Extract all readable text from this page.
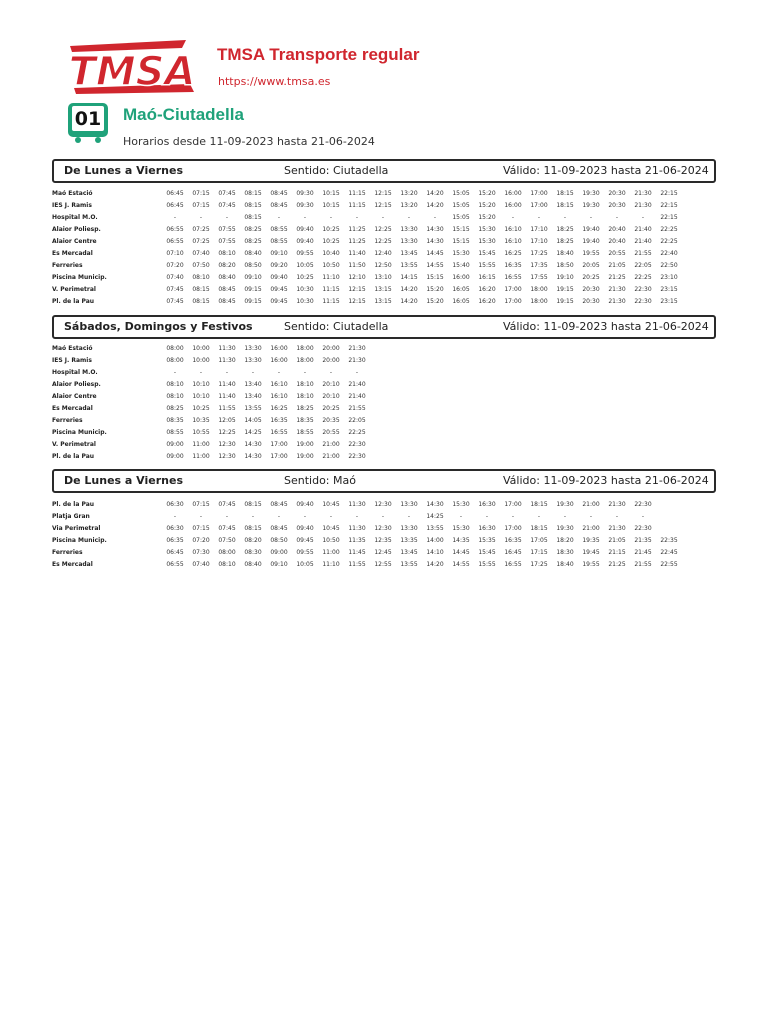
TMSA TMSA Transporte regular
https://www.tmsa.es
01	Maó-Ciutadella
Horarios desde 11-09-2023 hasta 21-06-2024
De Lunes a Viernes	Sentido: Ciutadella	Válido: 11-09-2023 hasta 21-06-2024
Maó Estació		06:45	07:15	07:45	08:15	08:45	09:30	10:15	11:15	12:15	13:20	14:20	15:05	15:20	16:00	17:00	18:15	19:30	20:30	21:30	22:15
IES J. Ramis		06:45	07:15	07:45	08:15	08:45	09:30	10:15	11:15	12:15	13:20	14:20	15:05	15:20	16:00	17:00	18:15	19:30	20:30	21:30	22:15
Hospital M.O.		-	-	-	08:15	-	-	-	-	-	-	-	15:05	15:20	-	-	-	-	-	-	22:15
Alaior Poliesp.		06:55	07:25	07:55	08:25	08:55	09:40	10:25	11:25	12:25	13:30	14:30	15:15	15:30	16:10	17:10	18:25	19:40	20:40	21:40	22:25
Alaior Centre		06:55	07:25	07:55	08:25	08:55	09:40	10:25	11:25	12:25	13:30	14:30	15:15	15:30	16:10	17:10	18:25	19:40	20:40	21:40	22:25
Es Mercadal		07:10	07:40	08:10	08:40	09:10	09:55	10:40	11:40	12:40	13:45	14:45	15:30	15:45	16:25	17:25	18:40	19:55	20:55	21:55	22:40
Ferreries		07:20	07:50	08:20	08:50	09:20	10:05	10:50	11:50	12:50	13:55	14:55	15:40	15:55	16:35	17:35	18:50	20:05	21:05	22:05	22:50
Piscina Municip.		07:40	08:10	08:40	09:10	09:40	10:25	11:10	12:10	13:10	14:15	15:15	16:00	16:15	16:55	17:55	19:10	20:25	21:25	22:25	23:10
V. Perimetral		07:45	08:15	08:45	09:15	09:45	10:30	11:15	12:15	13:15	14:20	15:20	16:05	16:20	17:00	18:00	19:15	20:30	21:30	22:30	23:15
Pl. de la Pau		07:45	08:15	08:45	09:15	09:45	10:30	11:15	12:15	13:15	14:20	15:20	16:05	16:20	17:00	18:00	19:15	20:30	21:30	22:30	23:15
Sábados, Domingos y Festivos	Sentido: Ciutadella	Válido: 11-09-2023 hasta 21-06-2024
Maó Estació		08:00	10:00	11:30	13:30	16:00	18:00	20:00	21:30
IES J. Ramis		08:00	10:00	11:30	13:30	16:00	18:00	20:00	21:30
Hospital M.O.		-	-	-	-	-	-	-	-
Alaior Poliesp.		08:10	10:10	11:40	13:40	16:10	18:10	20:10	21:40
Alaior Centre		08:10	10:10	11:40	13:40	16:10	18:10	20:10	21:40
Es Mercadal		08:25	10:25	11:55	13:55	16:25	18:25	20:25	21:55
Ferreries		08:35	10:35	12:05	14:05	16:35	18:35	20:35	22:05
Piscina Municip.		08:55	10:55	12:25	14:25	16:55	18:55	20:55	22:25
V. Perimetral		09:00	11:00	12:30	14:30	17:00	19:00	21:00	22:30
Pl. de la Pau		09:00	11:00	12:30	14:30	17:00	19:00	21:00	22:30
De Lunes a Viernes	Sentido: Maó	Válido: 11-09-2023 hasta 21-06-2024
Pl. de la Pau		06:30	07:15	07:45	08:15	08:45	09:40	10:45	11:30	12:30	13:30	14:30	15:30	16:30	17:00	18:15	19:30	21:00	21:30	22:30	
Platja Gran		-	-	-	-	-	-	-	-	-	-	14:25	-	-	-	-	-	-	-	-	
Via Perimetral		06:30	07:15	07:45	08:15	08:45	09:40	10:45	11:30	12:30	13:30	13:55	15:30	16:30	17:00	18:15	19:30	21:00	21:30	22:30	
Piscina Municip.		06:35	07:20	07:50	08:20	08:50	09:45	10:50	11:35	12:35	13:35	14:00	14:35	15:35	16:35	17:05	18:20	19:35	21:05	21:35	22:35
Ferreries		06:45	07:30	08:00	08:30	09:00	09:55	11:00	11:45	12:45	13:45	14:10	14:45	15:45	16:45	17:15	18:30	19:45	21:15	21:45	22:45
Es Mercadal		06:55	07:40	08:10	08:40	09:10	10:05	11:10	11:55	12:55	13:55	14:20	14:55	15:55	16:55	17:25	18:40	19:55	21:25	21:55	22:55
